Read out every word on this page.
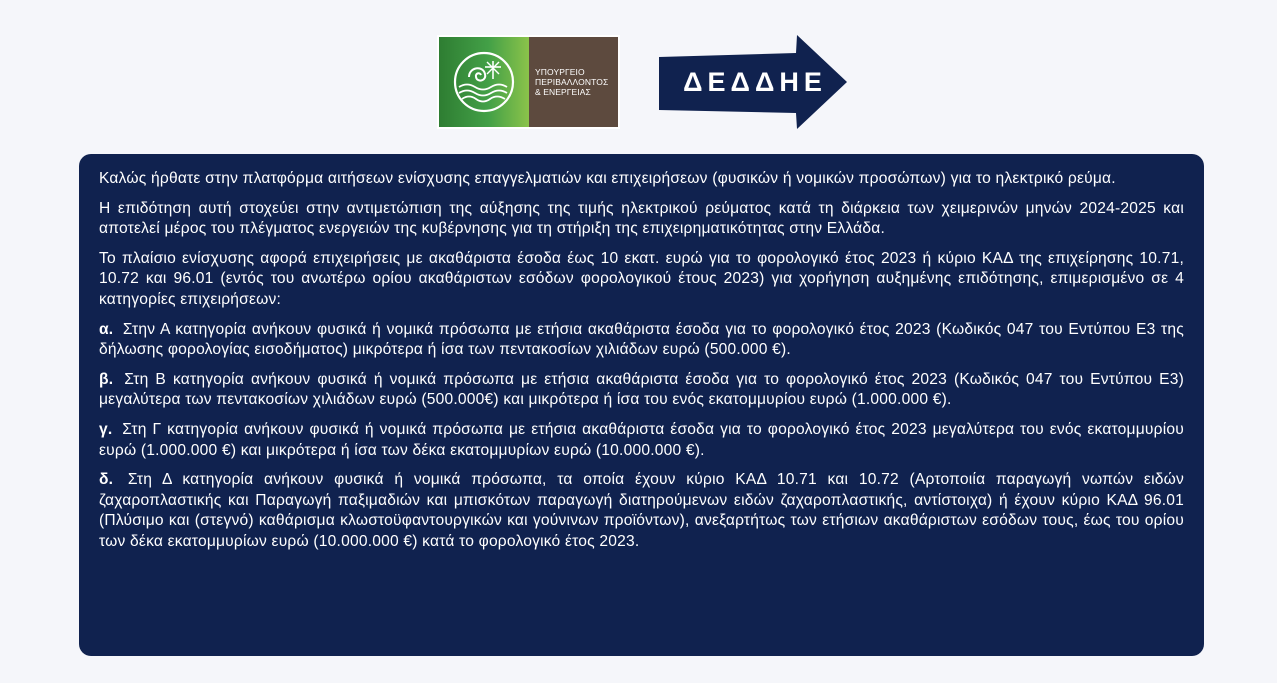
ΥΠΟΥΡΓΕΙΟ
ΠΕΡΙΒΑΛΛΟΝΤΟΣ
& ΕΝΕΡΓΕΙΑΣ	ΔΕΔΔΗΕ

Καλώς ήρθατε στην πλατφόρμα αιτήσεων ενίσχυσης επαγγελματιών και επιχειρήσεων (φυσικών ή νομικών προσώπων) για το ηλεκτρικό ρεύμα.

Η επιδότηση αυτή στοχεύει στην αντιμετώπιση της αύξησης της τιμής ηλεκτρικού ρεύματος κατά τη διάρκεια των χειμερινών μηνών 2024-2025 και αποτελεί μέρος του πλέγματος ενεργειών της κυβέρνησης για τη στήριξη της επιχειρηματικότητας στην Ελλάδα.

Το πλαίσιο ενίσχυσης αφορά επιχειρήσεις με ακαθάριστα έσοδα έως 10 εκατ. ευρώ για το φορολογικό έτος 2023 ή κύριο ΚΑΔ της επιχείρησης 10.71, 10.72 και 96.01 (εντός του ανωτέρω ορίου ακαθάριστων εσόδων φορολογικού έτους 2023) για χορήγηση αυξημένης επιδότησης, επιμερισμένο σε 4 κατηγορίες επιχειρήσεων:

α. Στην Α κατηγορία ανήκουν φυσικά ή νομικά πρόσωπα με ετήσια ακαθάριστα έσοδα για το φορολογικό έτος 2023 (Κωδικός 047 του Εντύπου Ε3 της δήλωσης φορολογίας εισοδήματος) μικρότερα ή ίσα των πεντακοσίων χιλιάδων ευρώ (500.000 €).

β. Στη Β κατηγορία ανήκουν φυσικά ή νομικά πρόσωπα με ετήσια ακαθάριστα έσοδα για το φορολογικό έτος 2023 (Κωδικός 047 του Εντύπου Ε3) μεγαλύτερα των πεντακοσίων χιλιάδων ευρώ (500.000€) και μικρότερα ή ίσα του ενός εκατομμυρίου ευρώ (1.000.000 €).

γ. Στη Γ κατηγορία ανήκουν φυσικά ή νομικά πρόσωπα με ετήσια ακαθάριστα έσοδα για το φορολογικό έτος 2023 μεγαλύτερα του ενός εκατομμυρίου ευρώ (1.000.000 €) και μικρότερα ή ίσα των δέκα εκατομμυρίων ευρώ (10.000.000 €).

δ. Στη Δ κατηγορία ανήκουν φυσικά ή νομικά πρόσωπα, τα οποία έχουν κύριο ΚΑΔ 10.71 και 10.72 (Αρτοποιία παραγωγή νωπών ειδών ζαχαροπλαστικής και Παραγωγή παξιμαδιών και μπισκότων παραγωγή διατηρούμενων ειδών ζαχαροπλαστικής, αντίστοιχα) ή έχουν κύριο ΚΑΔ 96.01 (Πλύσιμο και (στεγνό) καθάρισμα κλωστοϋφαντουργικών και γούνινων προϊόντων), ανεξαρτήτως των ετήσιων ακαθάριστων εσόδων τους, έως του ορίου των δέκα εκατομμυρίων ευρώ (10.000.000 €) κατά το φορολογικό έτος 2023.
